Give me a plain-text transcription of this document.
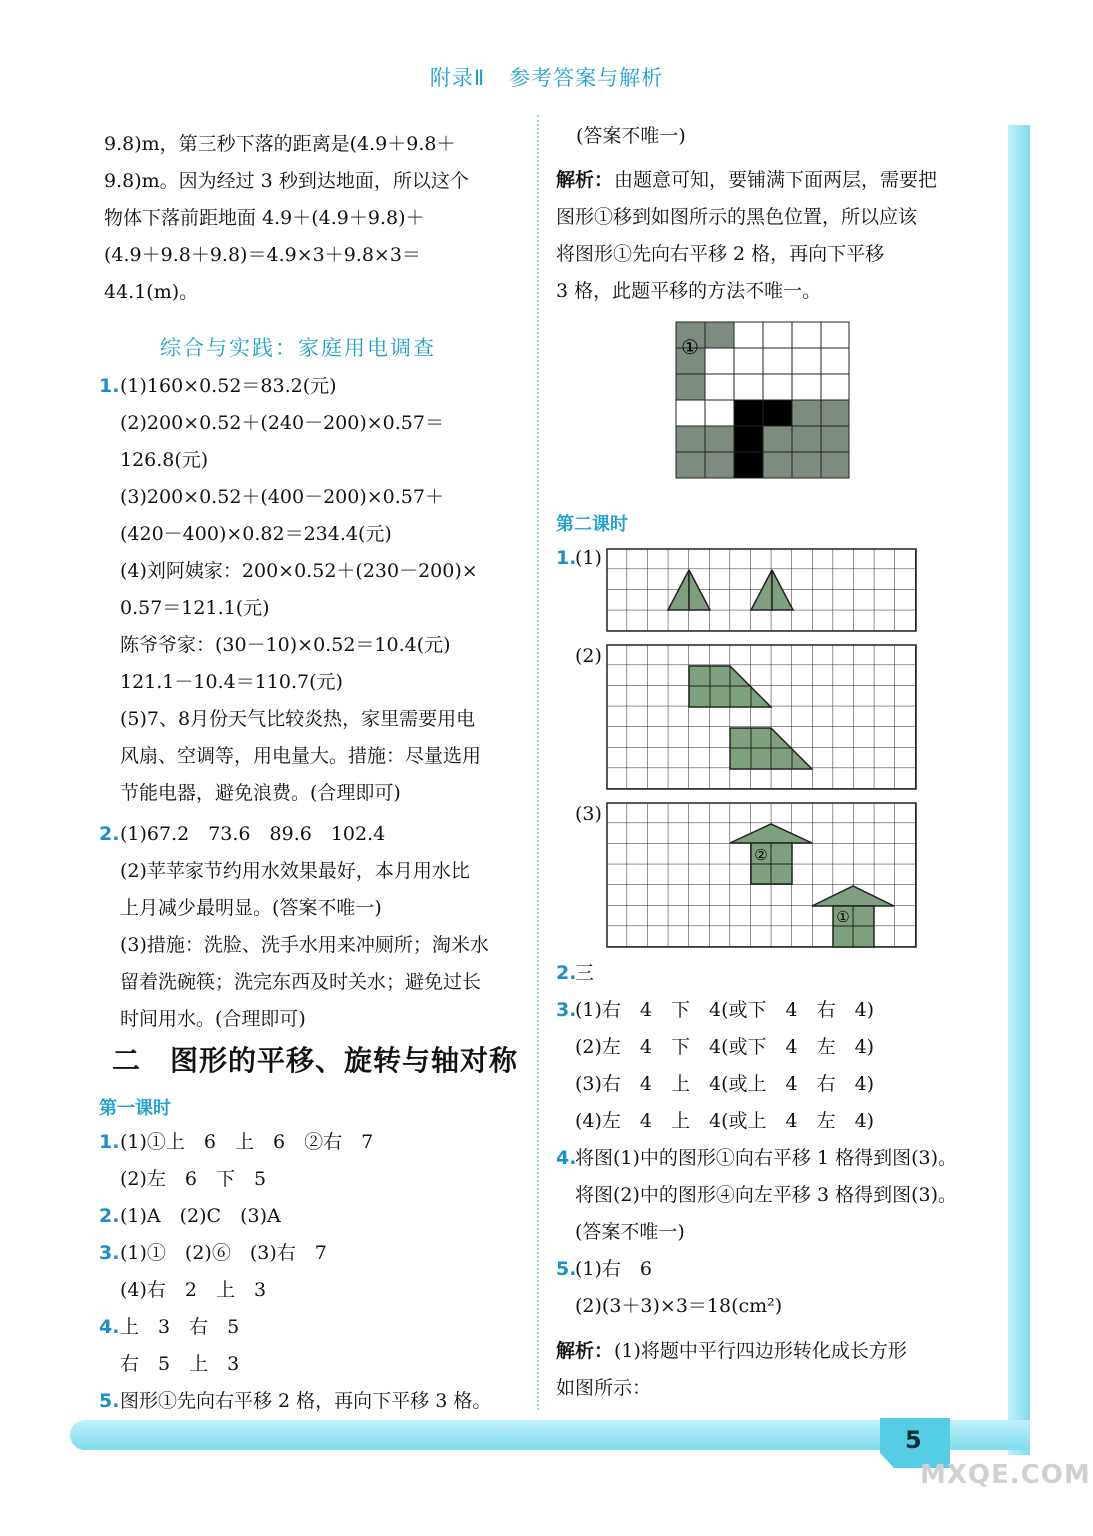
附录Ⅱ 参考答案与解析
5
MXQE.COM
9.8)m，第三秒下落的距离是(4.9＋9.8＋
9.8)m。因为经过 3 秒到达地面，所以这个
物体下落前距地面 4.9＋(4.9＋9.8)＋
(4.9＋9.8＋9.8)＝4.9×3＋9.8×3＝
44.1(m)。
综合与实践：家庭用电调查
1. (1)160×0.52＝83.2(元)
(2)200×0.52＋(240－200)×0.57＝
126.8(元)
(3)200×0.52＋(400－200)×0.57＋
(420－400)×0.82＝234.4(元)
(4)刘阿姨家：200×0.52＋(230－200)×
0.57＝121.1(元)
陈爷爷家：(30－10)×0.52＝10.4(元)
121.1－10.4＝110.7(元)
(5)7、8月份天气比较炎热，家里需要用电
风扇、空调等，用电量大。措施：尽量选用
节能电器，避免浪费。(合理即可)
2. (1)67.2　73.6　89.6　102.4
(2)苹苹家节约用水效果最好，本月用水比
上月减少最明显。(答案不唯一)
(3)措施：洗脸、洗手水用来冲厕所；淘米水
留着洗碗筷；洗完东西及时关水；避免过长
时间用水。(合理即可)
二 图形的平移、旋转与轴对称
第一课时
1. (1)①上　6　上　6　②右　7
(2)左　6　下　5
2. (1)A　(2)C　(3)A
3. (1)①　(2)⑥　(3)右　7
(4)右　2　上　3
4. 上　3　右　5
右　5　上　3
5. 图形①先向右平移 2 格，再向下平移 3 格。
(答案不唯一)
解析： 由题意可知，要铺满下面两层，需要把
图形①移到如图所示的黑色位置，所以应该
将图形①先向右平移 2 格，再向下平移
3 格，此题平移的方法不唯一。
①
第二课时
1.
(1)
(2)
(3)
②
①
2.
三
3.
(1)右　4　下　4(或下　4　右　4)
(2)左　4　下　4(或下　4　左　4)
(3)右　4　上　4(或上　4　右　4)
(4)左　4　上　4(或上　4　左　4)
4.
将图(1)中的图形①向右平移 1 格得到图(3)。
将图(2)中的图形④向左平移 3 格得到图(3)。
(答案不唯一)
5.
(1)右　6
(2)(3＋3)×3＝18(cm²)
解析： (1)将题中平行四边形转化成长方形
如图所示：
